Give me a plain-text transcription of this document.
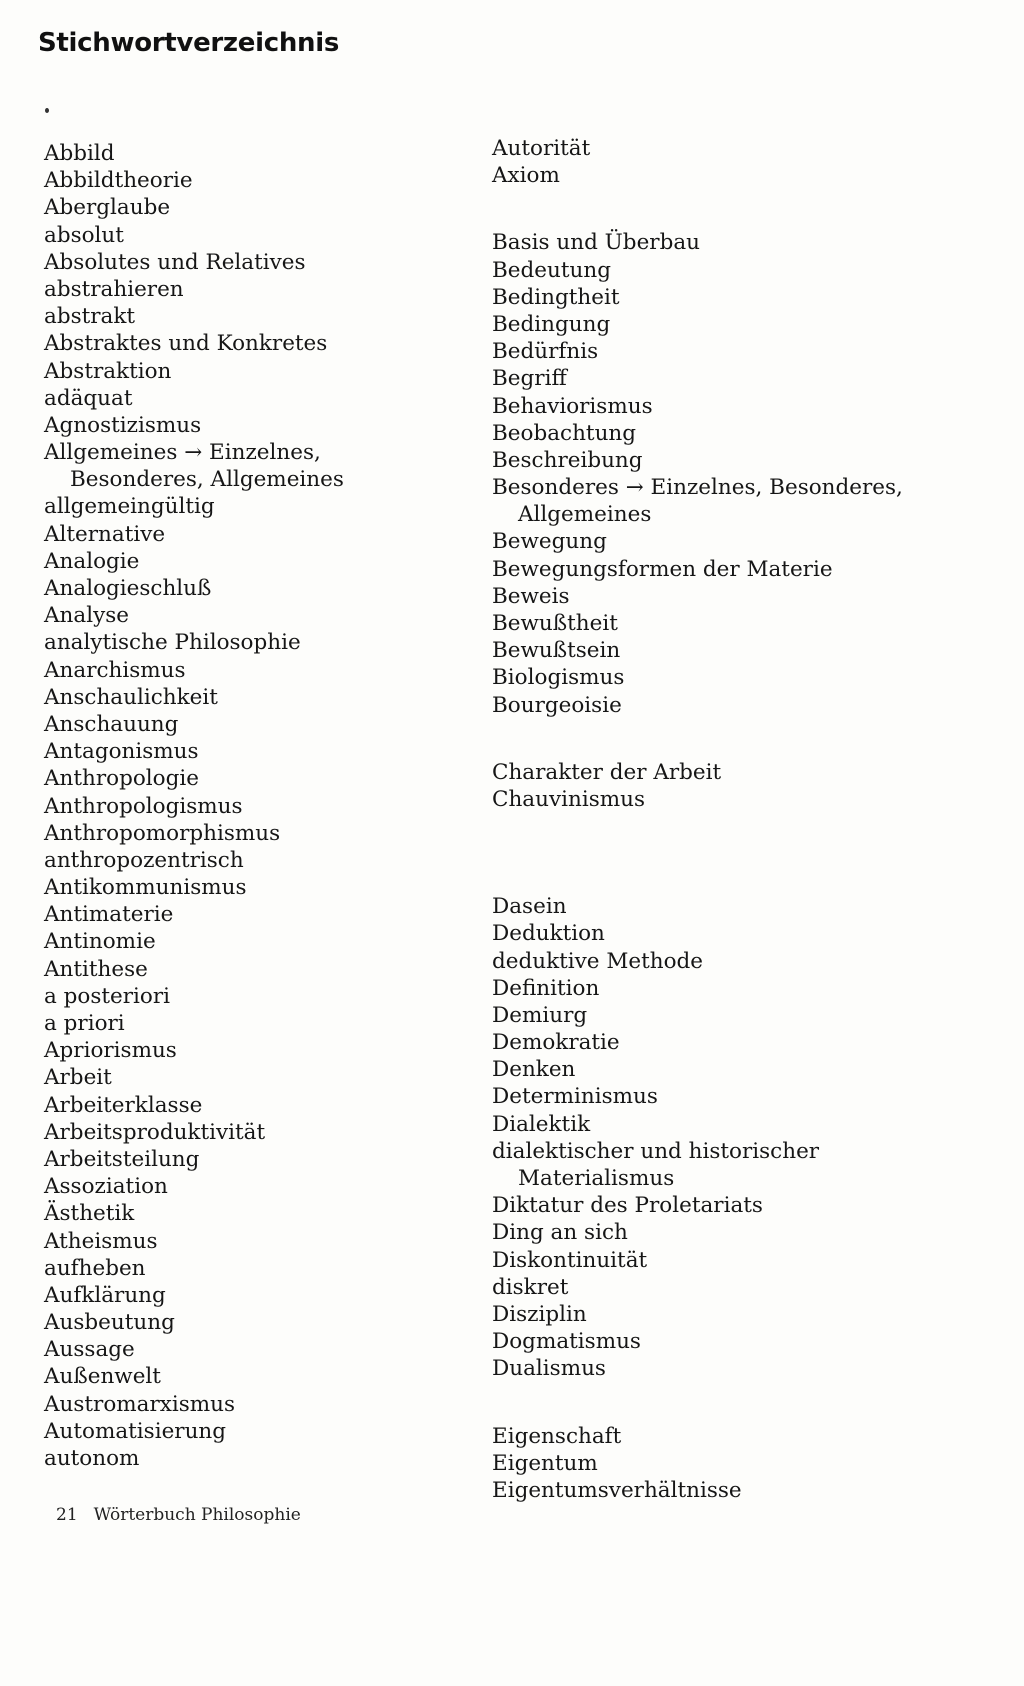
Stichwortverzeichnis
Abbild
Abbildtheorie
Aberglaube
absolut
Absolutes und Relatives
abstrahieren
abstrakt
Abstraktes und Konkretes
Abstraktion
adäquat
Agnostizismus
Allgemeines → Einzelnes,
Besonderes, Allgemeines
allgemeingültig
Alternative
Analogie
Analogieschluß
Analyse
analytische Philosophie
Anarchismus
Anschaulichkeit
Anschauung
Antagonismus
Anthropologie
Anthropologismus
Anthropomorphismus
anthropozentrisch
Antikommunismus
Antimaterie
Antinomie
Antithese
a posteriori
a priori
Apriorismus
Arbeit
Arbeiterklasse
Arbeitsproduktivität
Arbeitsteilung
Assoziation
Ästhetik
Atheismus
aufheben
Aufklärung
Ausbeutung
Aussage
Außenwelt
Austromarxismus
Automatisierung
autonom
Autorität
Axiom
Basis und Überbau
Bedeutung
Bedingtheit
Bedingung
Bedürfnis
Begriff
Behaviorismus
Beobachtung
Beschreibung
Besonderes → Einzelnes, Besonderes,
Allgemeines
Bewegung
Bewegungsformen der Materie
Beweis
Bewußtheit
Bewußtsein
Biologismus
Bourgeoisie
Charakter der Arbeit
Chauvinismus
Dasein
Deduktion
deduktive Methode
Definition
Demiurg
Demokratie
Denken
Determinismus
Dialektik
dialektischer und historischer
Materialismus
Diktatur des Proletariats
Ding an sich
Diskontinuität
diskret
Disziplin
Dogmatismus
Dualismus
Eigenschaft
Eigentum
Eigentumsverhältnisse
21 Wörterbuch Philosophie
